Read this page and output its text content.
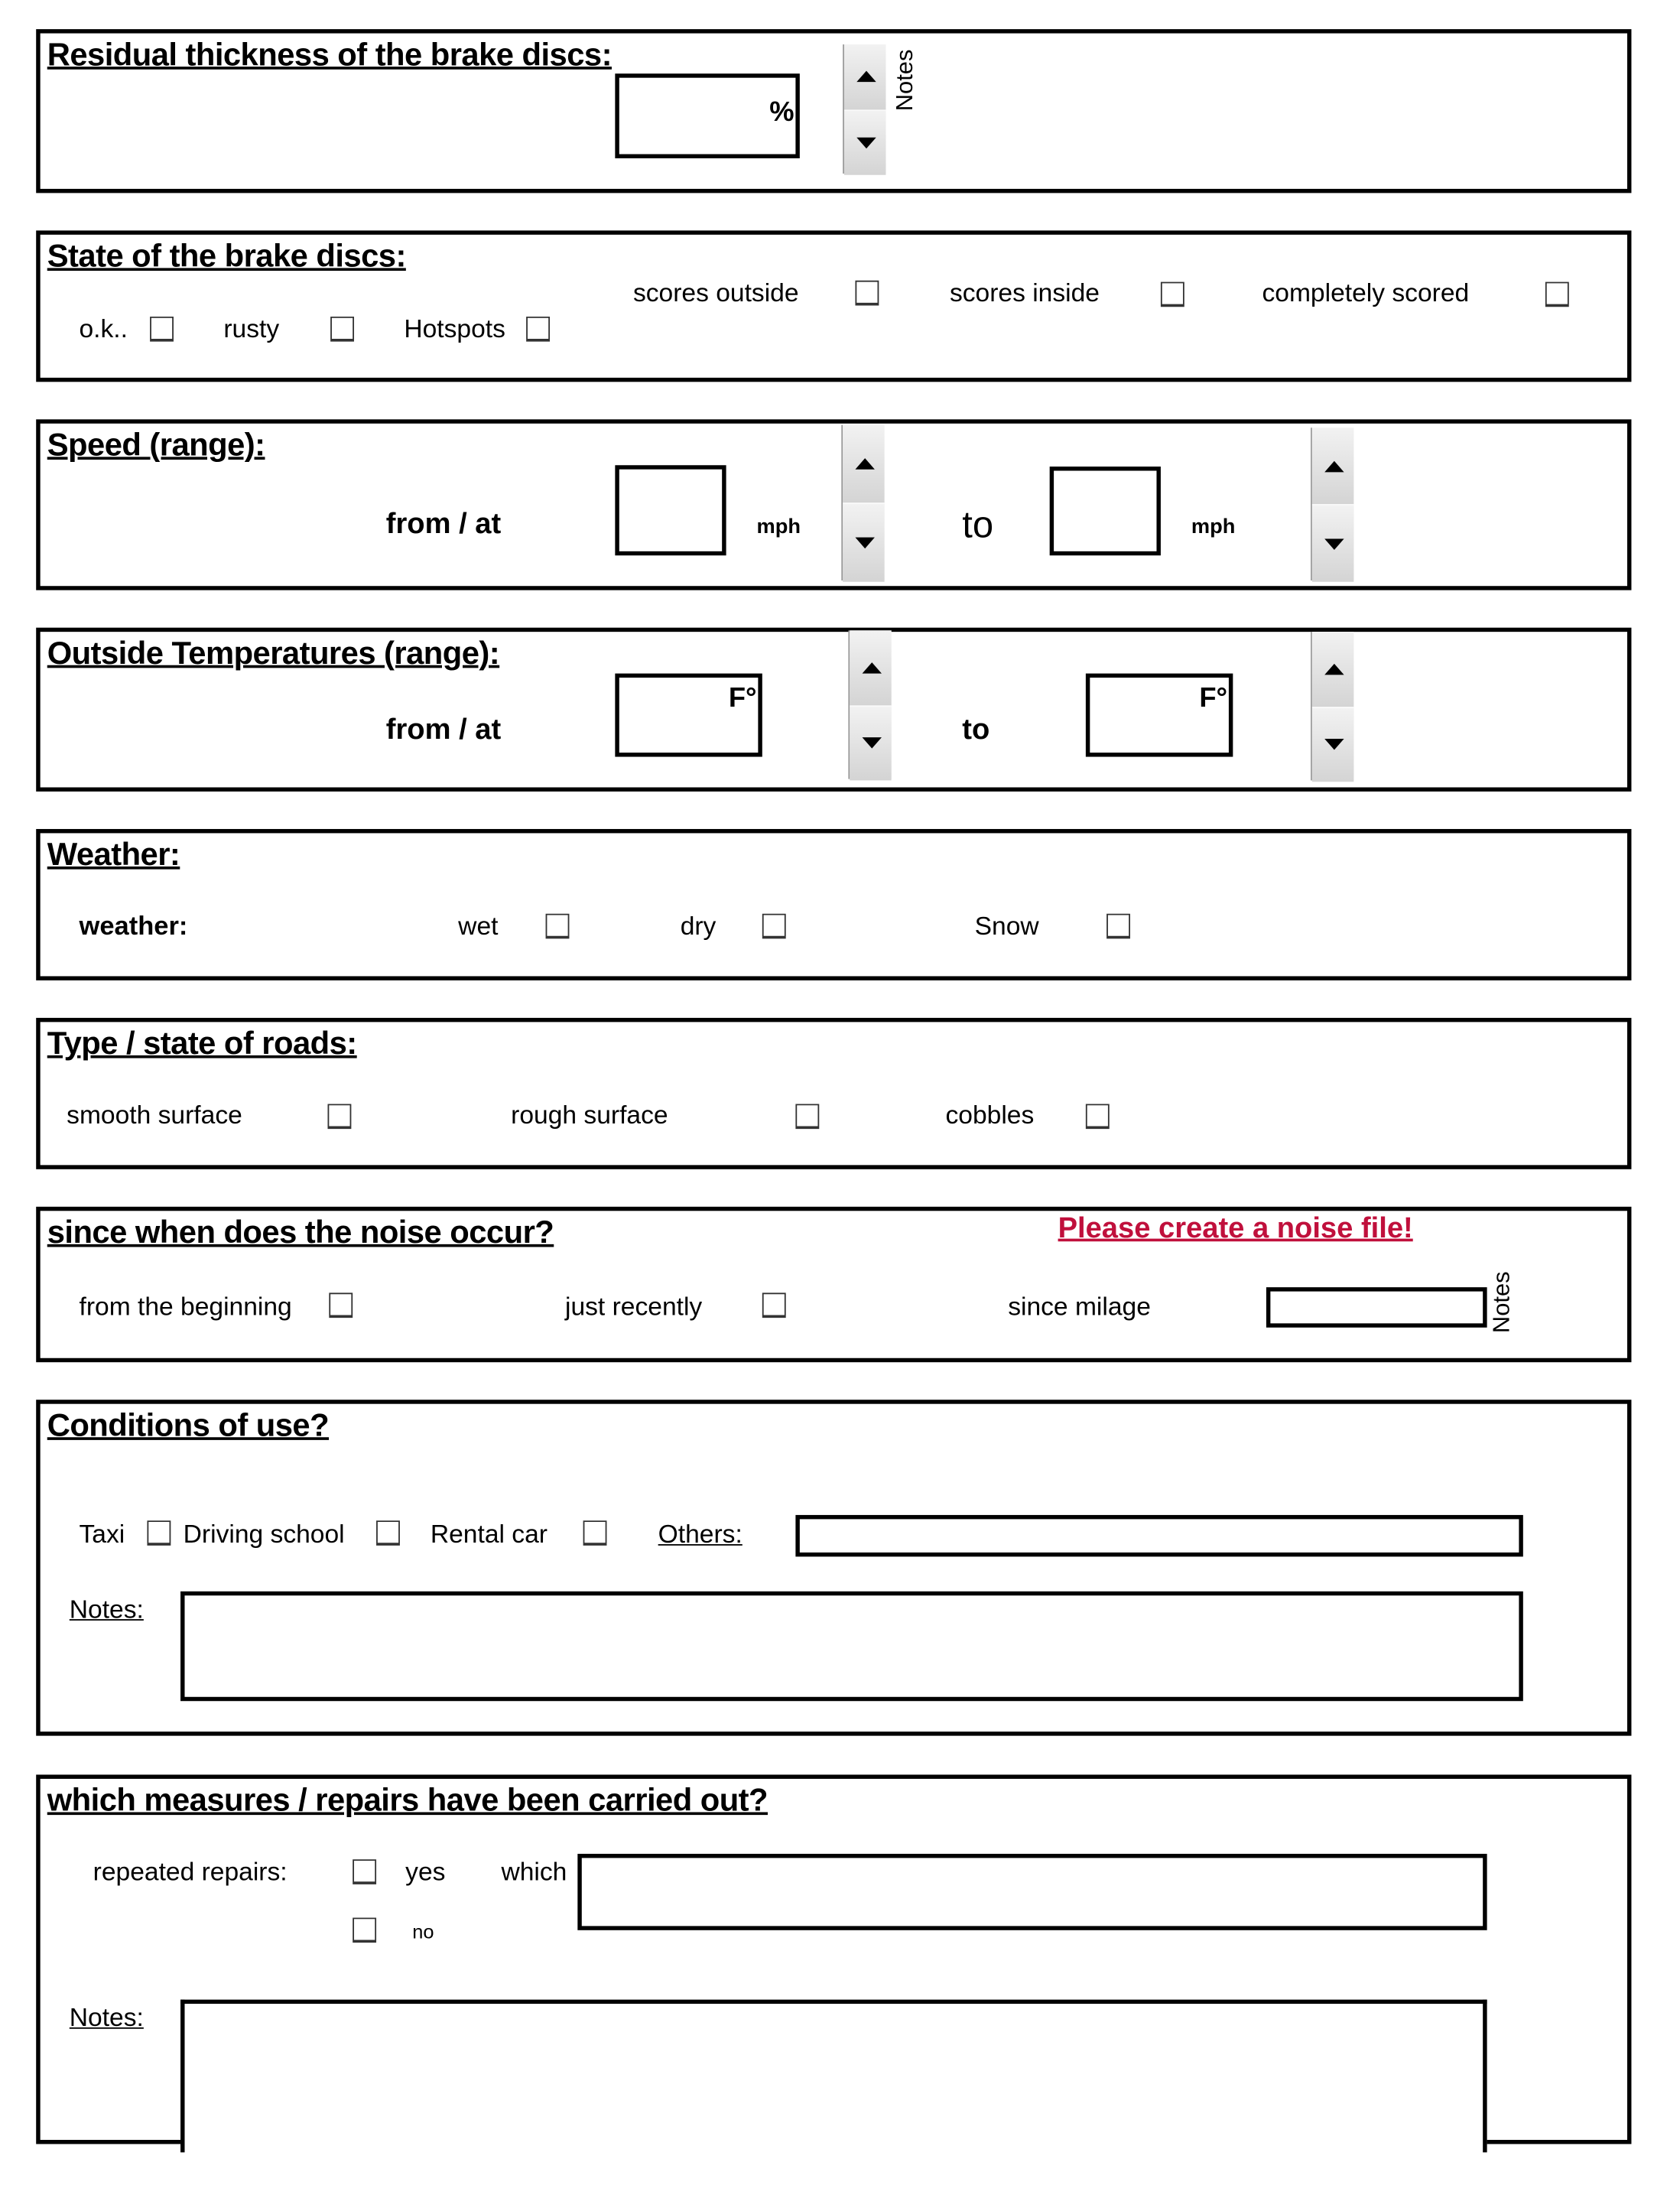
Residual thickness of the brake discs:
%
Notes
State of the brake discs:
o.k..	rusty	Hotspots
scores outside	scores inside	completely scored
Speed (range):
from / at	mph	to	mph
Outside Temperatures (range):
from / at
F°
to
F°
Weather:
weather:	wet	dry	Snow
Type / state of roads:
smooth surface	rough surface	cobbles
since when does the noise occur?	Please create a noise file!
from the beginning	just recently	since milage	Notes
Conditions of use?
Taxi	Driving school	Rental car	Others:
Notes:
which measures / repairs have been carried out?
repeated repairs:	yes
no
which
Notes:
